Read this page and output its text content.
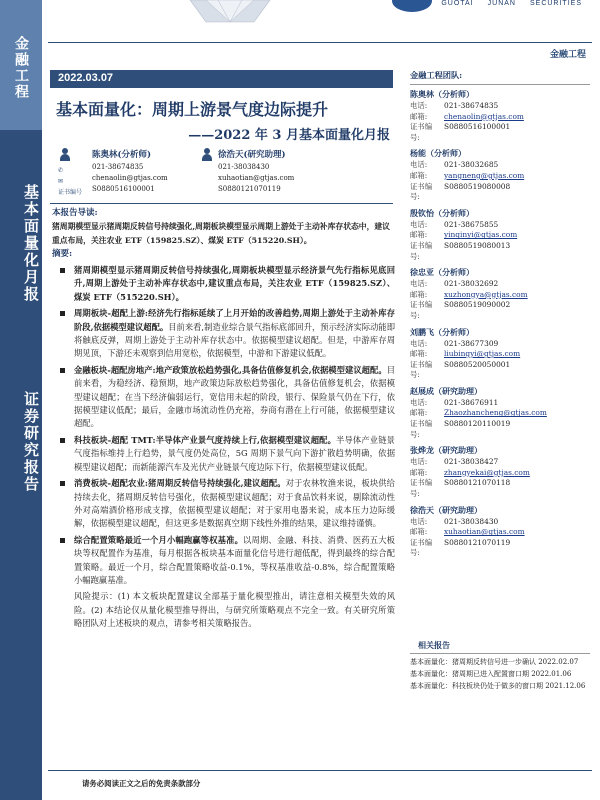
金融工程
基本面量化月报
证券研究报告
GUOTAI JUNAN SECURITIES
金融工程
2022.03.07
基本面量化：周期上游景气度边际提升
——2022 年 3 月基本面量化月报
✆
✉
证书编号
陈奥林(分析师)
021-38674835
chenaolin@gtjas.com
S0880516100001
徐浩天(研究助理)
021-38038430
xuhaotian@gtjas.com
S0880121070119
本报告导读:
猪周期模型显示猪周期反转信号持续强化,周期板块模型显示周期上游处于主动补库存状态中，建议重点布局，关注农业 ETF（159825.SZ）、煤炭 ETF（515220.SH）。
摘要:
猪周期模型显示猪周期反转信号持续强化,周期板块模型显示经济景气先行指标见底回升,周期上游处于主动补库存状态中,建议重点布局，关注农业 ETF（159825.SZ）、煤炭 ETF（515220.SH）。
周期板块-超配上游:经济先行指标延续了上月开始的改善趋势,周期上游处于主动补库存阶段,依据模型建议超配。目前来看,制造业综合景气指标底部回升，预示经济实际动能即将触底反弹，周期上游处于主动补库存状态中。依据模型建议超配。但是，中游库存周期见顶，下游还未观察到信用宽松，依据模型，中游和下游建议低配。
金融板块-超配房地产:地产政策放松趋势强化,具备估值修复机会,依据模型建议超配。目前来看，为稳经济、稳预期，地产政策边际放松趋势强化，具备估值修复机会，依据模型建议超配；在当下经济偏弱运行，宽信用未起的阶段，银行、保险景气仍在下行，依据模型建议低配；最后，金融市场流动性仍充裕，券商有潜在上行可能，依据模型建议超配。
科技板块-超配 TMT:半导体产业景气度持续上行,依据模型建议超配。半导体产业链景气度指标维持上行趋势，景气度仍处高位，5G 周期下景气向下游扩散趋势明确，依据模型建议超配；而新能源汽车及光伏产业链景气度边际下行，依据模型建议低配。
消费板块-超配农业:猪周期反转信号持续强化,建议超配。对于农林牧渔来说，板块供给持续去化，猪周期反转信号强化，依据模型建议超配；对于食品饮料来说，剔除流动性外对高端酒价格形成支撑，依据模型建议超配；对于家用电器来说，成本压力边际缓解，依据模型建议超配，但这更多是数据真空期下线性外推的结果，建议维持谨慎。
综合配置策略最近一个月小幅跑赢等权基准。以周期、金融、科技、消费、医药五大板块等权配置作为基准，每月根据各板块基本面量化信号进行超低配，得到最终的综合配置策略。最近一个月，综合配置策略收益-0.1%，等权基准收益-0.8%，综合配置策略小幅跑赢基准。
风险提示：(1) 本文板块配置建议全部基于量化模型推出，请注意相关模型失效的风险。(2) 本结论仅从量化模型推导得出，与研究所策略观点不完全一致。有关研究所策略团队对上述板块的观点，请参考相关策略报告。
金融工程团队:
陈奥林（分析师）
电话:	021-38674835
邮箱:	chenaolin@gtjas.com
证书编号:
S0880516100001
杨能（分析师）
电话:	021-38032685
邮箱:	yangneng@gtjas.com
证书编号:
S0880519080008
殷钦怡（分析师）
电话:	021-38675855
邮箱:	yinqinyi@gtjas.com
证书编号:
S0880519080013
徐忠亚（分析师）
电话:	021-38032692
邮箱:	xuzhongya@gtjas.com
证书编号:
S0880519090002
刘鹏飞（分析师）
电话:	021-38677309
邮箱:	liubingyi@gtjas.com
证书编号:
S0880520050001
赵展成（研究助理）
电话:	021-38676911
邮箱:	Zhaozhancheng@gtjas.com
证书编号:
S0880120110019
张烨龙（研究助理）
电话:	021-38038427
邮箱:	zhangyekai@gtjas.com
证书编号:
S0880121070118
徐浩天（研究助理）
电话:	021-38038430
邮箱:	xuhaotian@gtjas.com
证书编号:
S0880121070119
相关报告
基本面量化：猪周期反转信号进一步确认 2022.02.07
基本面量化：猪周期已进入配置窗口期 2022.01.06
基本面量化：科技板块仍处于做多的窗口期 2021.12.06
请务必阅读正文之后的免责条款部分
